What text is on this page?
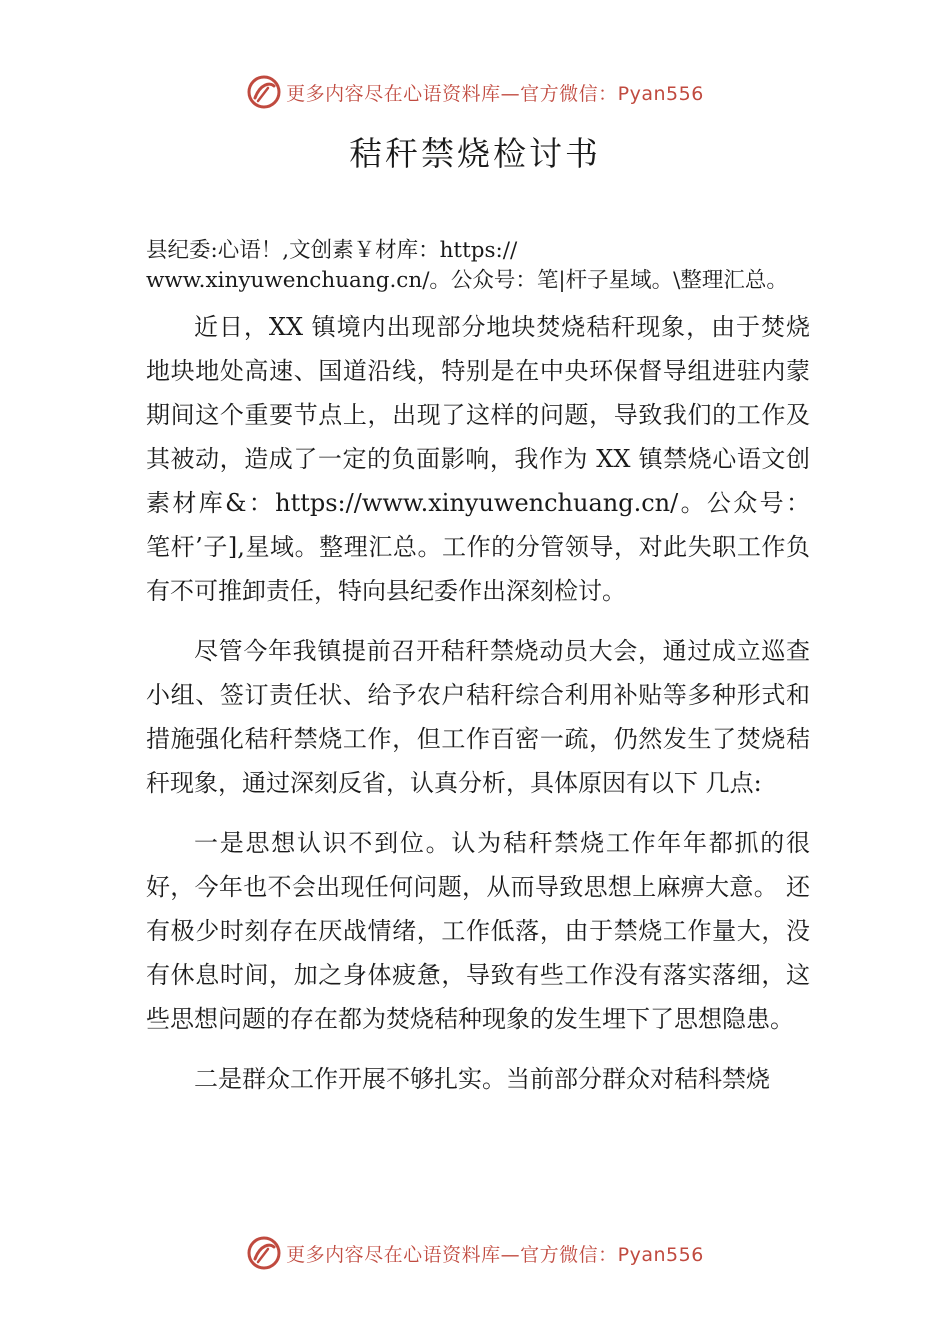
更多内容尽在心语资料库—官方微信：Pyan556
秸秆禁烧检讨书

县纪委:心语！,文创素￥材库：https://

www.xinyuwenchuang.cn/。公众号：笔|杆子星域。\整理汇总。

近日，XX 镇境内出现部分地块焚烧秸秆现象，由于焚烧地块地处高速、国道沿线，特别是在中央环保督导组进驻内蒙期间这个重要节点上，出现了这样的问题，导致我们的工作及其被动，造成了一定的负面影响，我作为 XX 镇禁烧心语文创素材库&：https://www.xinyuwenchuang.cn/。公众号：笔杆’子],星域。整理汇总。工作的分管领导，对此失职工作负有不可推卸责任，特向县纪委作出深刻检讨。

尽管今年我镇提前召开秸秆禁烧动员大会，通过成立巡查小组、签订责任状、给予农户秸秆综合利用补贴等多种形式和措施强化秸秆禁烧工作，但工作百密一疏，仍然发生了焚烧秸秆现象，通过深刻反省，认真分析，具体原因有以下 几点:

一是思想认识不到位。认为秸秆禁烧工作年年都抓的很好，今年也不会出现任何问题，从而导致思想上麻痹大意。 还有极少时刻存在厌战情绪，工作低落，由于禁烧工作量大，没有休息时间，加之身体疲惫，导致有些工作没有落实落细，这些思想问题的存在都为焚烧秸种现象的发生埋下了思想隐患。

二是群众工作开展不够扎实。当前部分群众对秸科禁烧

更多内容尽在心语资料库—官方微信：Pyan556
